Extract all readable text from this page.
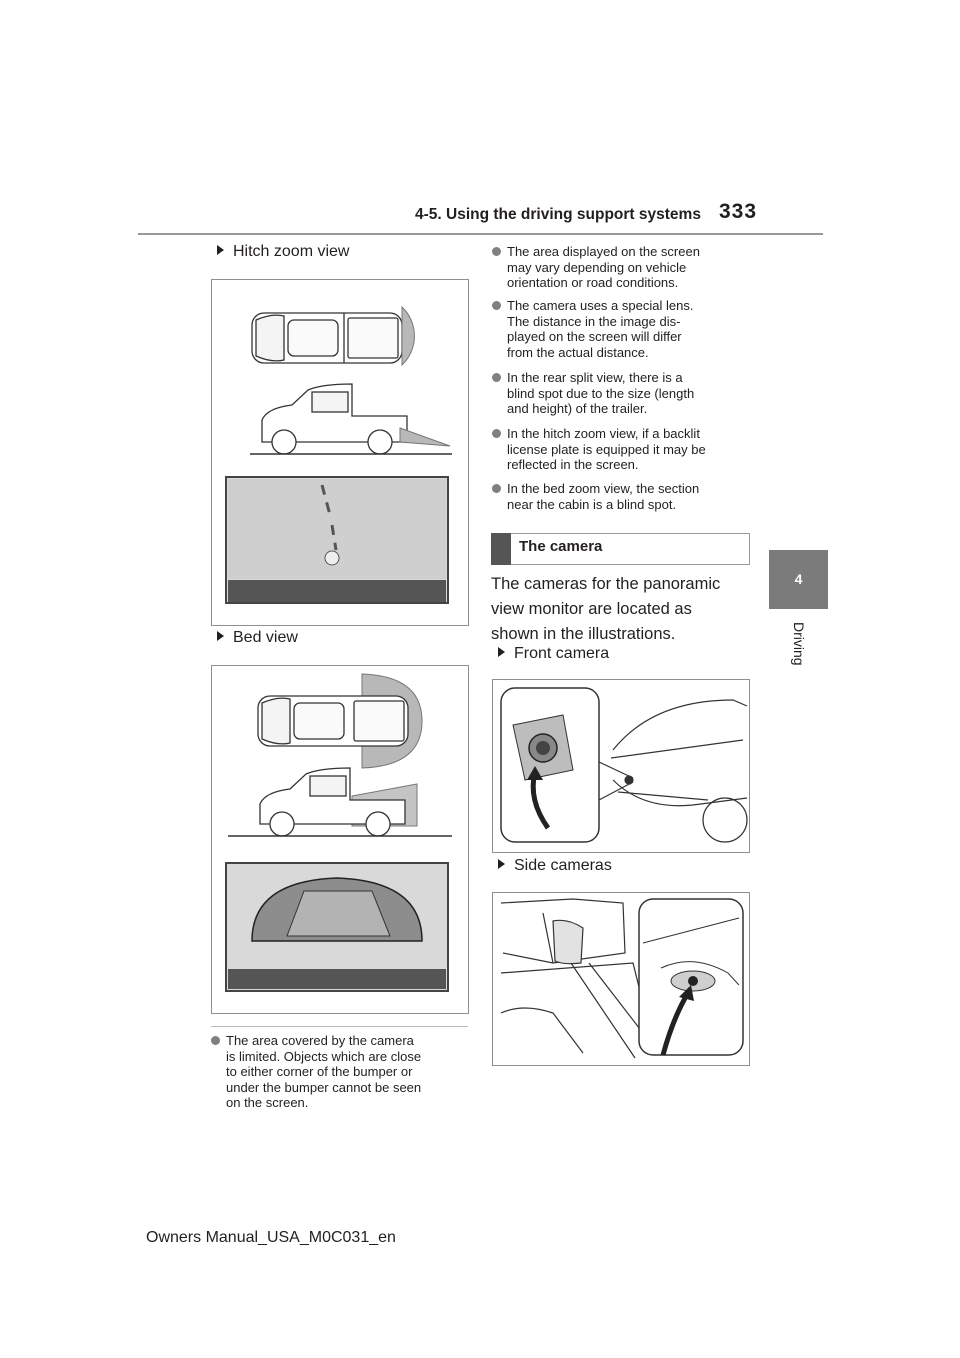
4-5. Using the driving support systems 333
4
Driving
Hitch zoom view
Bed view
The area covered by the camera
is limited. Objects which are close
to either corner of the bumper or
under the bumper cannot be seen
on the screen.
The area displayed on the screen
may vary depending on vehicle
orientation or road conditions.
The camera uses a special lens.
The distance in the image dis-
played on the screen will differ
from the actual distance.
In the rear split view, there is a
blind spot due to the size (length
and height) of the trailer.
In the hitch zoom view, if a backlit
license plate is equipped it may be
reflected in the screen.
In the bed zoom view, the section
near the cabin is a blind spot.
The camera
The cameras for the panoramic
view monitor are located as
shown in the illustrations.
Front camera
Side cameras
Owners Manual_USA_M0C031_en
